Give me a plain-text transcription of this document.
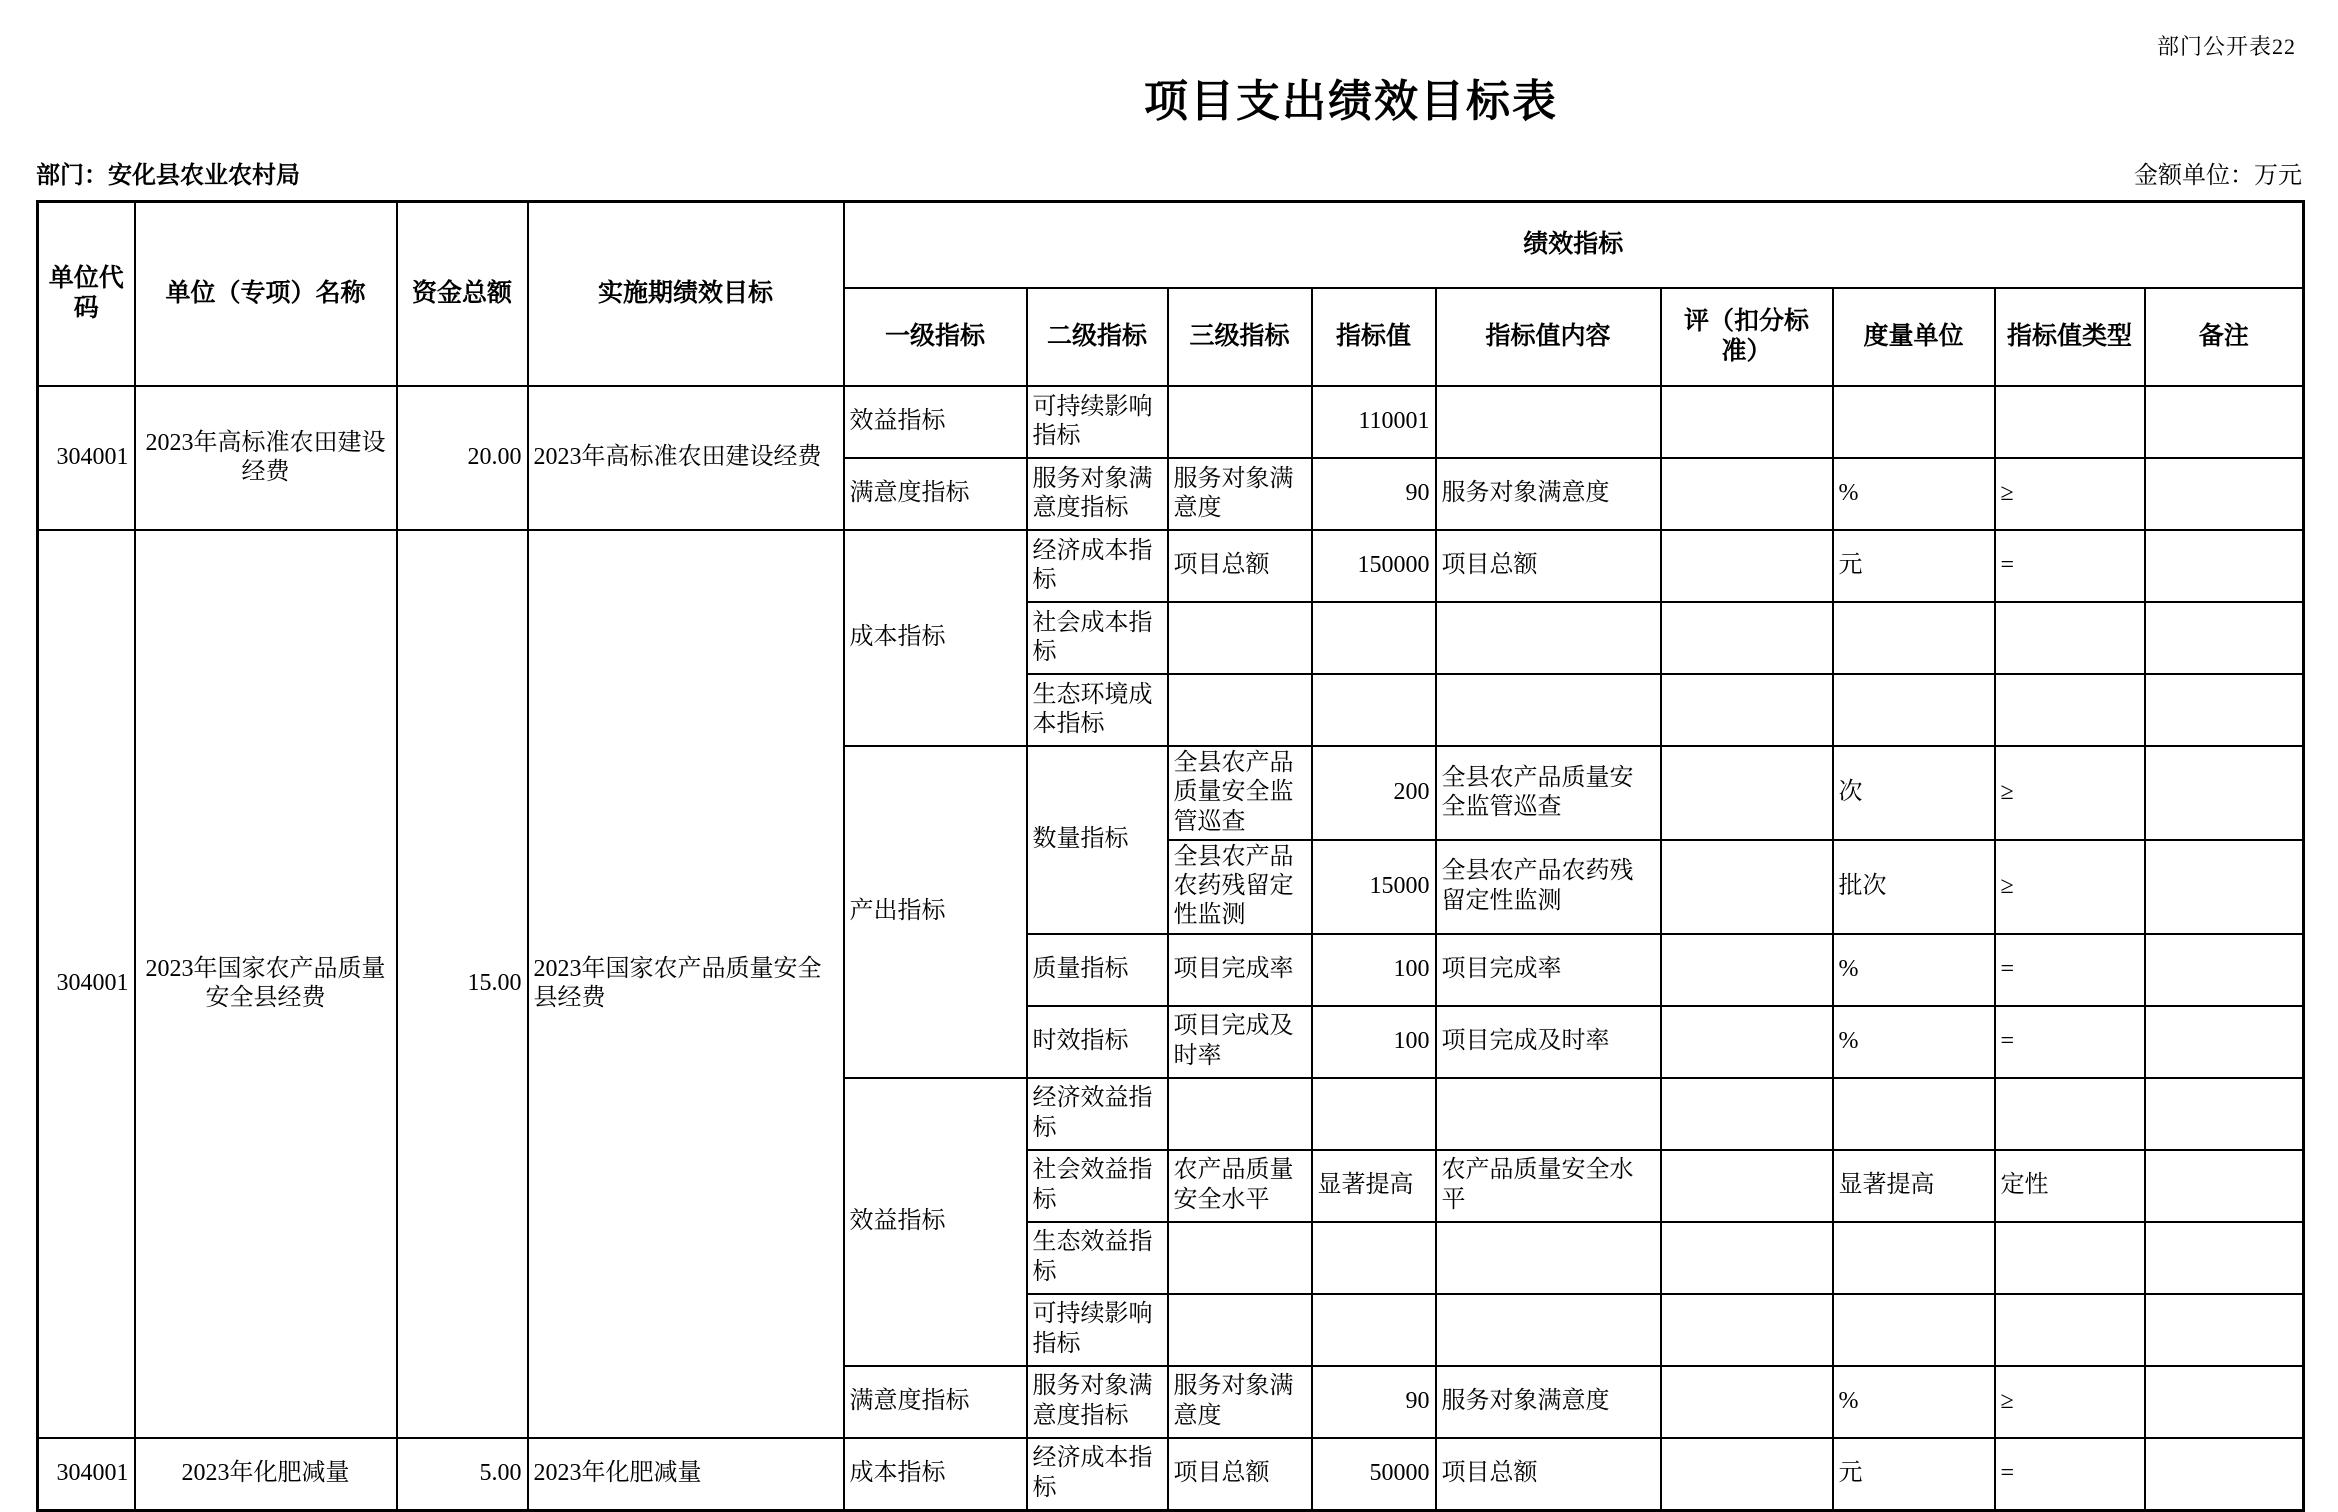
部门公开表22
项目支出绩效目标表
部门：安化县农业农村局	金额单位：万元
单位代码	单位（专项）名称	资金总额	实施期绩效目标	绩效指标								
				一级指标	二级指标	三级指标	指标值	指标值内容	评（扣分标准）	度量单位	指标值类型	备注
304001	2023年高标准农田建设经费	20.00	2023年高标准农田建设经费	效益指标	可持续影响指标		110001					
				满意度指标	服务对象满意度指标	服务对象满意度	90	服务对象满意度		%	≥	
304001	2023年国家农产品质量安全县经费	15.00	2023年国家农产品质量安全县经费	成本指标	经济成本指标	项目总额	150000	项目总额		元	=	
					社会成本指标							
					生态环境成本指标							
				产出指标	数量指标	全县农产品质量安全监管巡查	200	全县农产品质量安全监管巡查		次	≥	
						全县农产品农药残留定性监测	15000	全县农产品农药残留定性监测		批次	≥	
					质量指标	项目完成率	100	项目完成率		%	=	
					时效指标	项目完成及时率	100	项目完成及时率		%	=	
				效益指标	经济效益指标							
					社会效益指标	农产品质量安全水平	显著提高	农产品质量安全水平		显著提高	定性	
					生态效益指标							
					可持续影响指标							
				满意度指标	服务对象满意度指标	服务对象满意度	90	服务对象满意度		%	≥	
304001	2023年化肥减量	5.00	2023年化肥减量	成本指标	经济成本指标	项目总额	50000	项目总额		元	=	
